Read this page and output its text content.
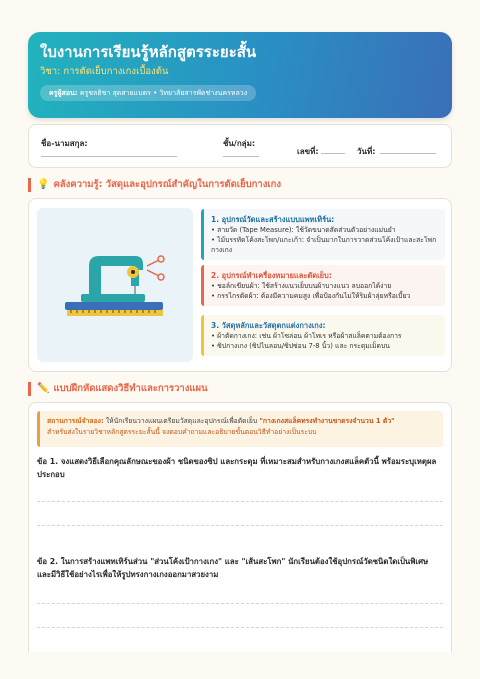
ใบงานการเรียนรู้หลักสูตรระยะสั้น
วิชา: การตัดเย็บกางเกงเบื้องต้น
ครูผู้สอน: ครูชลธิชา สุดสายแบตร • วิทยาลัยสารพัดช่างนครหลวง
ชื่อ-นามสกุล:	ชั้น/กลุ่ม:
เลขที่:	วันที่:
💡 คลังความรู้: วัสดุและอุปกรณ์สำคัญในการตัดเย็บกางเกง
1. อุปกรณ์วัดและสร้างแบบแพทเทิร์น:
• สายวัด (Tape Measure): ใช้วัดขนาดสัดส่วนตัวอย่างแม่นยำ
• ไม้บรรทัดโค้งสะโพก/แกะเก้า: จำเป็นมากในการวาดส่วนโค้งเป้าและสะโพกกางเกง
2. อุปกรณ์ทำเครื่องหมายและตัดเย็บ:
• ชอล์กเขียนผ้า: ใช้สร้างแนวเย็บบนผ้าบางแนว ลบออกได้ง่าย
• กรรไกรตัดผ้า: ต้องมีความคมสูง เพื่อป้องกันไม่ให้ริมผ้าลุ่ยหรือเบี้ยว
3. วัสดุหลักและวัสดุตกแต่งกางเกง:
• ผ้าตัดกางเกง: เช่น ผ้าโซล่อน ผ้าโทเร หรือผ้าสแล็คตามต้องการ
• ซิปกางเกง (ซิปไนลอน/ซิปซ่อน 7-8 นิ้ว) และ กระดุมเม็ดบน
✏️ แบบฝึกหัดแสดงวิธีทำและการวางแผน
สถานการณ์จำลอง: ให้นักเรียนวางแผนเตรียมวัสดุและอุปกรณ์เพื่อตัดเย็บ "กางเกงสแล็คทรงทำงานขาตรงจำนวน 1 ตัว"
สำหรับส่งในรายวิชาหลักสูตรระยะสั้นนี้ จงตอบคำถามและอธิบายขั้นตอนวิธีทำอย่างเป็นระบบ
ข้อ 1. จงแสดงวิธีเลือกคุณลักษณะของผ้า ชนิดของซิป และกระดุม ที่เหมาะสมสำหรับกางเกงสแล็คตัวนี้ พร้อมระบุเหตุผลประกอบ
ข้อ 2. ในการสร้างแพทเทิร์นส่วน "ส่วนโค้งเป้ากางเกง" และ "เส้นสะโพก" นักเรียนต้องใช้อุปกรณ์วัดชนิดใดเป็นพิเศษ และมีวิธีใช้อย่างไรเพื่อให้รูปทรงกางเกงออกมาสวยงาม
